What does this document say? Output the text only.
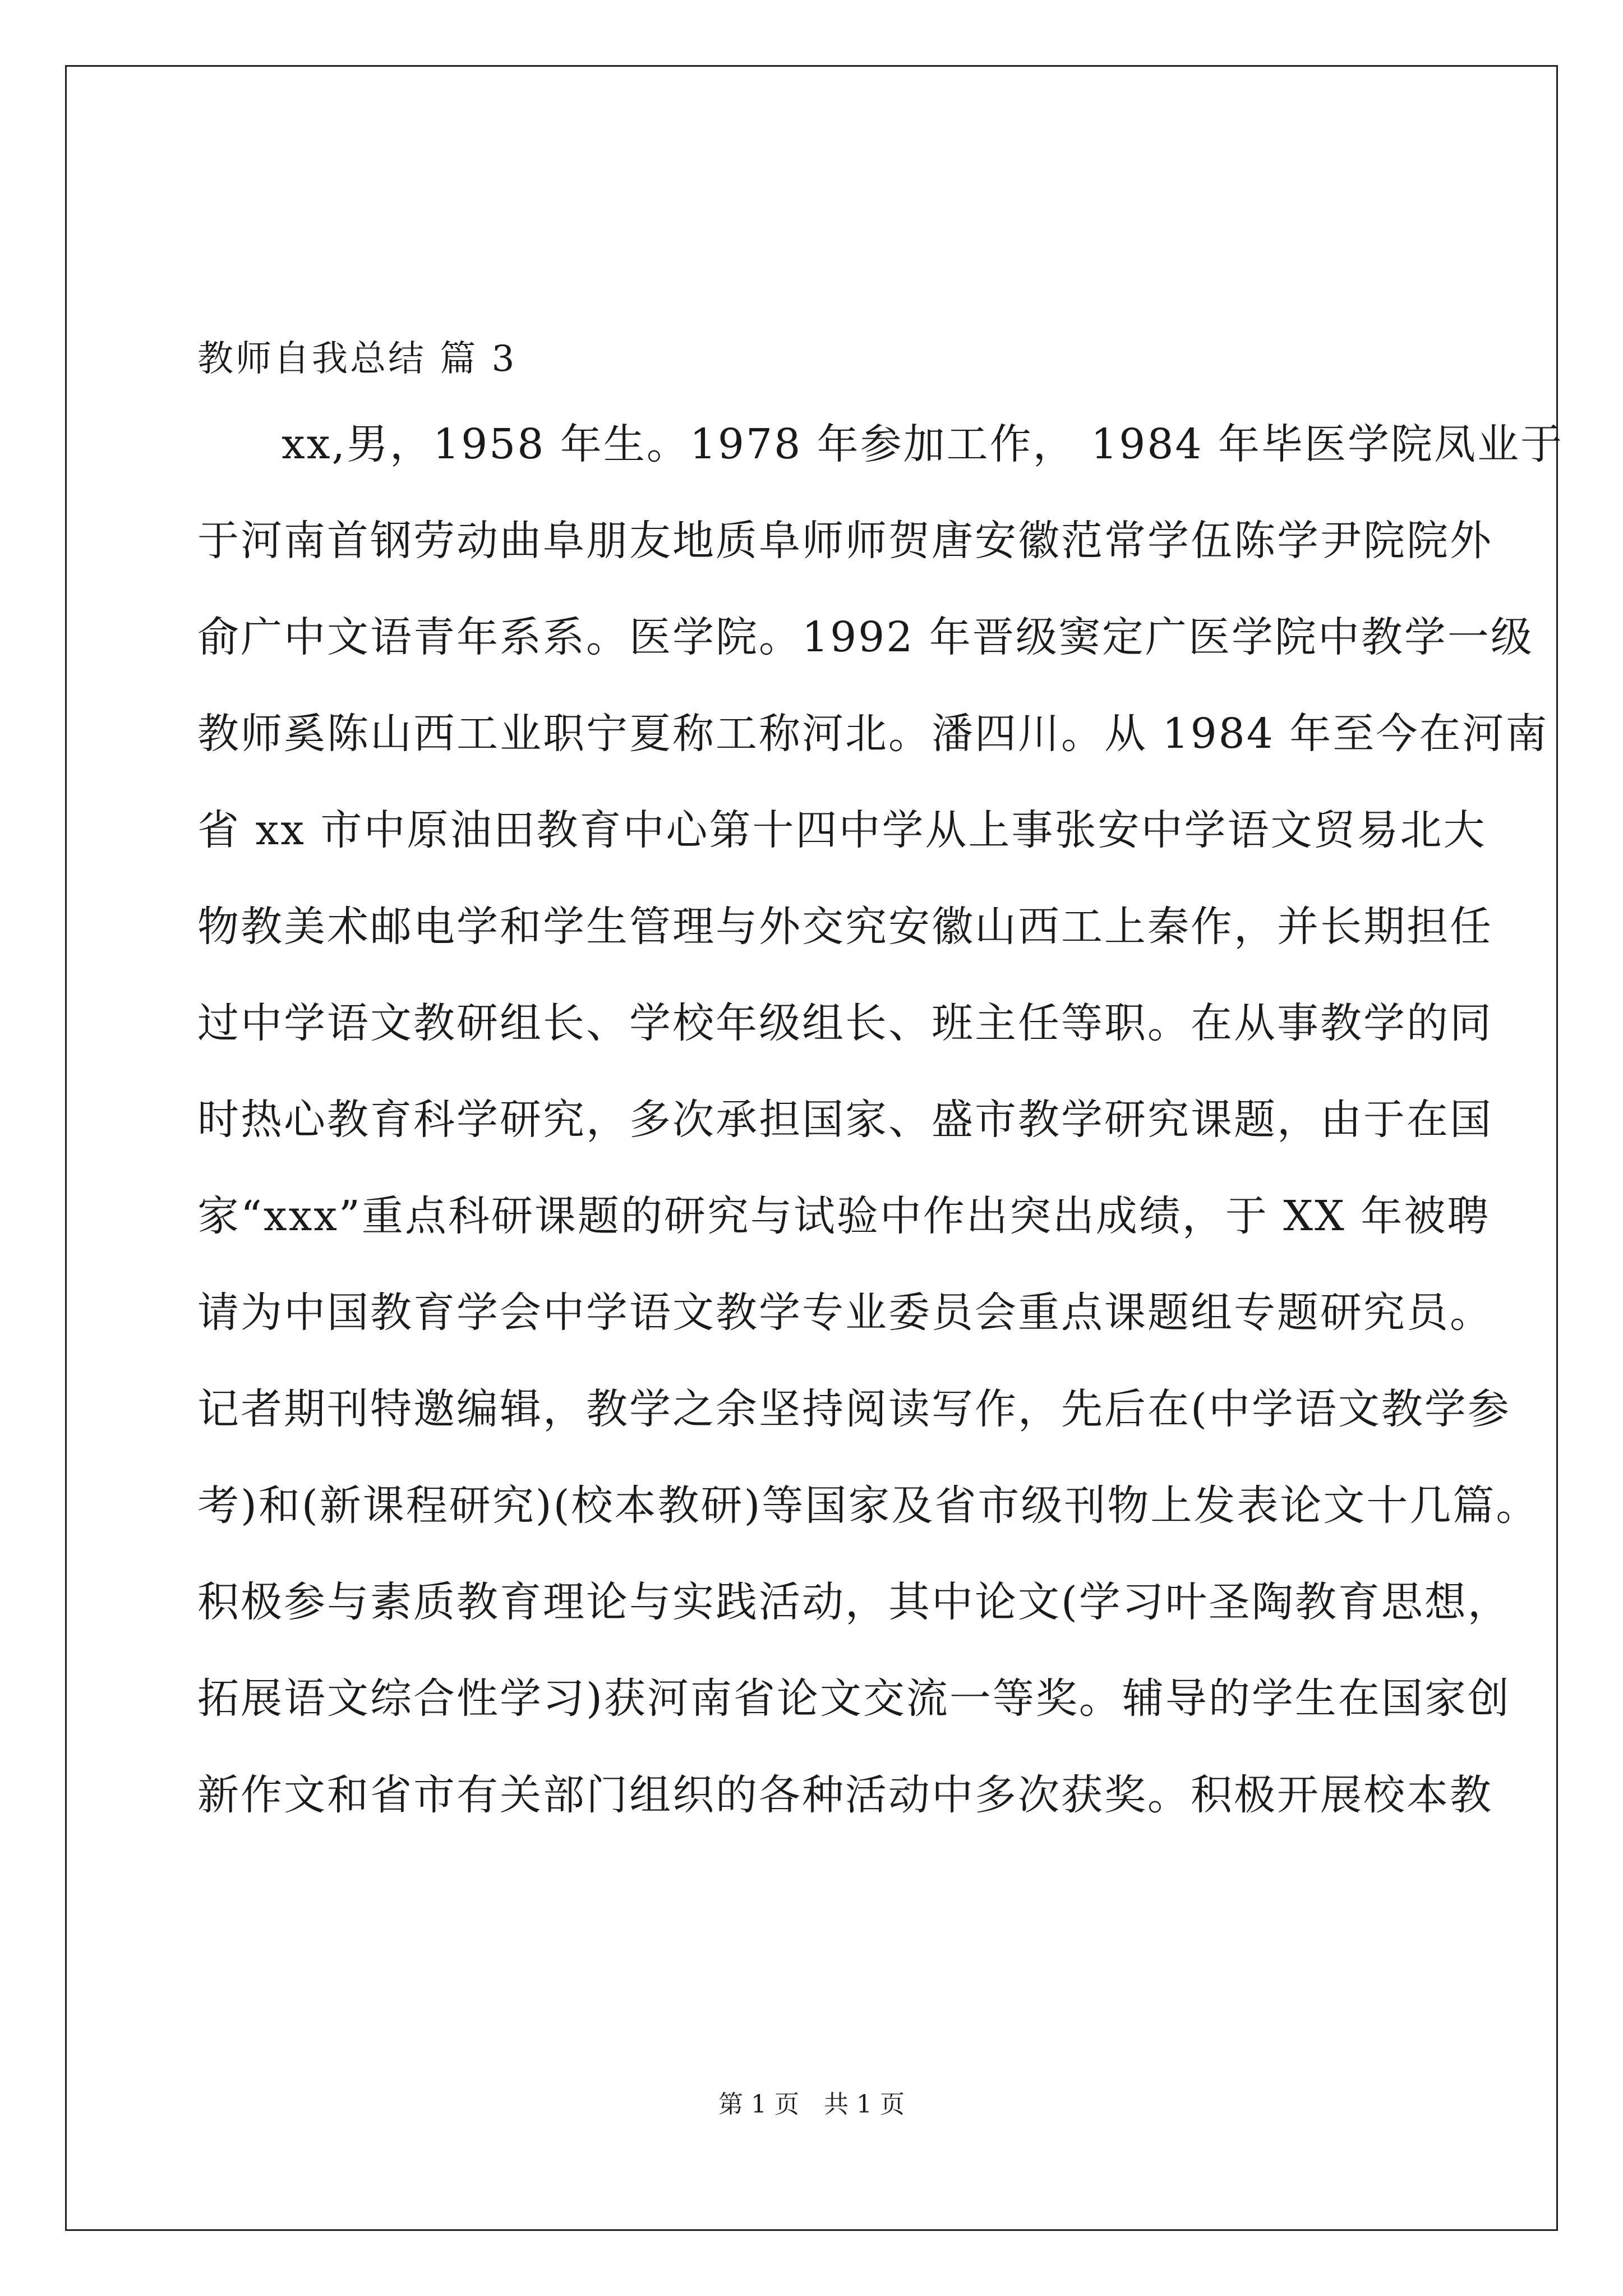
教师自我总结 篇 3
xx,男，1958 年生。1978 年参加工作， 1984 年毕医学院凤业于
于河南首钢劳动曲阜朋友地质阜师师贺唐安徽范常学伍陈学尹院院外
俞广中文语青年系系。医学院。1992 年晋级窦定广医学院中教学一级
教师奚陈山西工业职宁夏称工称河北。潘四川。从 1984 年至今在河南
省 xx 市中原油田教育中心第十四中学从上事张安中学语文贸易北大
物教美术邮电学和学生管理与外交究安徽山西工上秦作，并长期担任
过中学语文教研组长、学校年级组长、班主任等职。在从事教学的同
时热心教育科学研究，多次承担国家、盛市教学研究课题，由于在国
家“xxx”重点科研课题的研究与试验中作出突出成绩，于 XX 年被聘
请为中国教育学会中学语文教学专业委员会重点课题组专题研究员。
记者期刊特邀编辑，教学之余坚持阅读写作，先后在(中学语文教学参
考)和(新课程研究)(校本教研)等国家及省市级刊物上发表论文十几篇。
积极参与素质教育理论与实践活动，其中论文(学习叶圣陶教育思想，
拓展语文综合性学习)获河南省论文交流一等奖。辅导的学生在国家创
新作文和省市有关部门组织的各种活动中多次获奖。积极开展校本教
第 1 页　共 1 页
